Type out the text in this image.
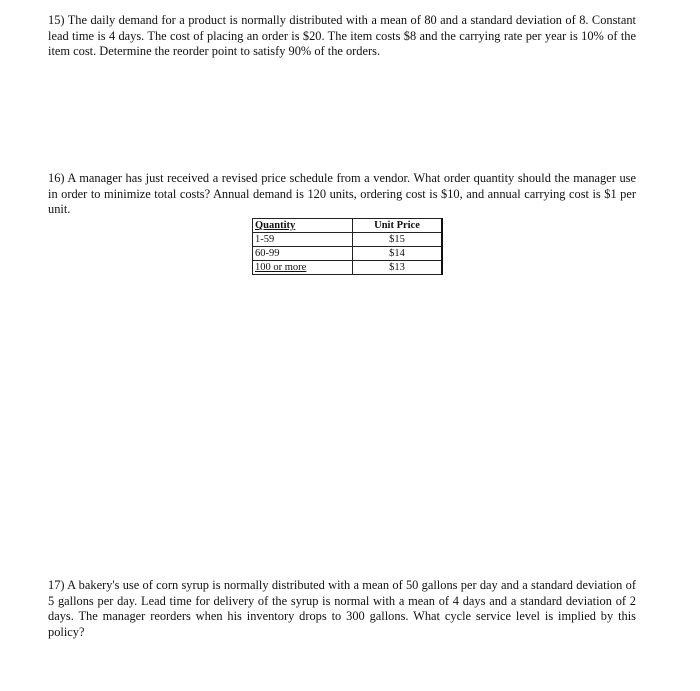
15) The daily demand for a product is normally distributed with a mean of 80 and a standard deviation of 8. Constant lead time is 4 days. The cost of placing an order is $20. The item costs $8 and the carrying rate per year is 10% of the item cost. Determine the reorder point to satisfy 90% of the orders.

16) A manager has just received a revised price schedule from a vendor. What order quantity should the manager use in order to minimize total costs? Annual demand is 120 units, ordering cost is $10, and annual carrying cost is $1 per unit.

Quantity	Unit Price
1-59	$15
60-99	$14
100 or more	$13

17) A bakery's use of corn syrup is normally distributed with a mean of 50 gallons per day and a standard deviation of 5 gallons per day. Lead time for delivery of the syrup is normal with a mean of 4 days and a standard deviation of 2 days. The manager reorders when his inventory drops to 300 gallons. What cycle service level is implied by this policy?
